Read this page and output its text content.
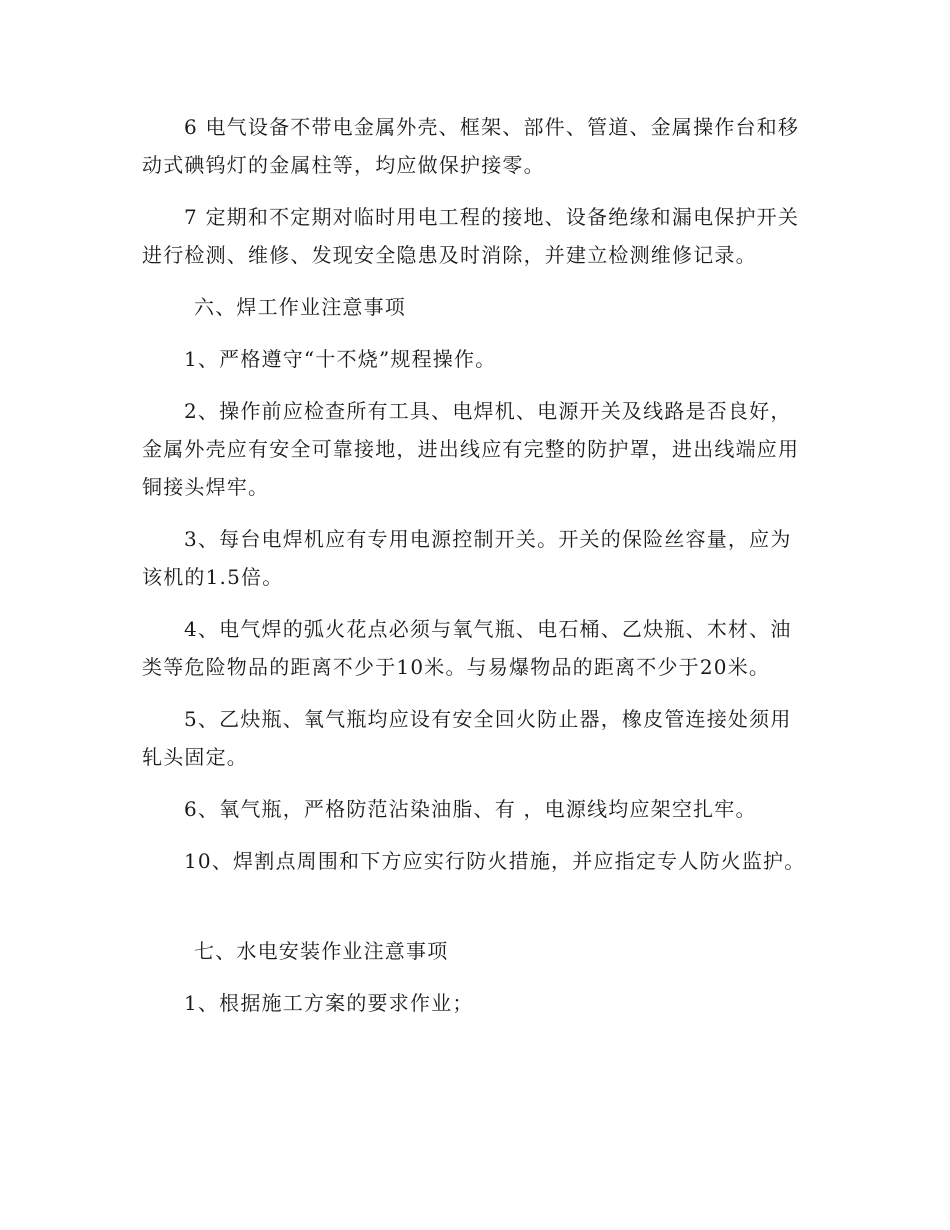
6 电气设备不带电金属外壳、框架、部件、管道、金属操作台和移动式碘钨灯的金属柱等，均应做保护接零。

7 定期和不定期对临时用电工程的接地、设备绝缘和漏电保护开关进行检测、维修、发现安全隐患及时消除，并建立检测维修记录。

六、焊工作业注意事项

1、严格遵守“十不烧”规程操作。

2、操作前应检查所有工具、电焊机、电源开关及线路是否良好，金属外壳应有安全可靠接地，进出线应有完整的防护罩，进出线端应用铜接头焊牢。

3、每台电焊机应有专用电源控制开关。开关的保险丝容量，应为该机的1.5倍。

4、电气焊的弧火花点必须与氧气瓶、电石桶、乙炔瓶、木材、油类等危险物品的距离不少于10米。与易爆物品的距离不少于20米。

5、乙炔瓶、氧气瓶均应设有安全回火防止器，橡皮管连接处须用轧头固定。

6、氧气瓶，严格防范沾染油脂、有 ，电源线均应架空扎牢。

10、焊割点周围和下方应实行防火措施，并应指定专人防火监护。

七、水电安装作业注意事项

1、根据施工方案的要求作业；
